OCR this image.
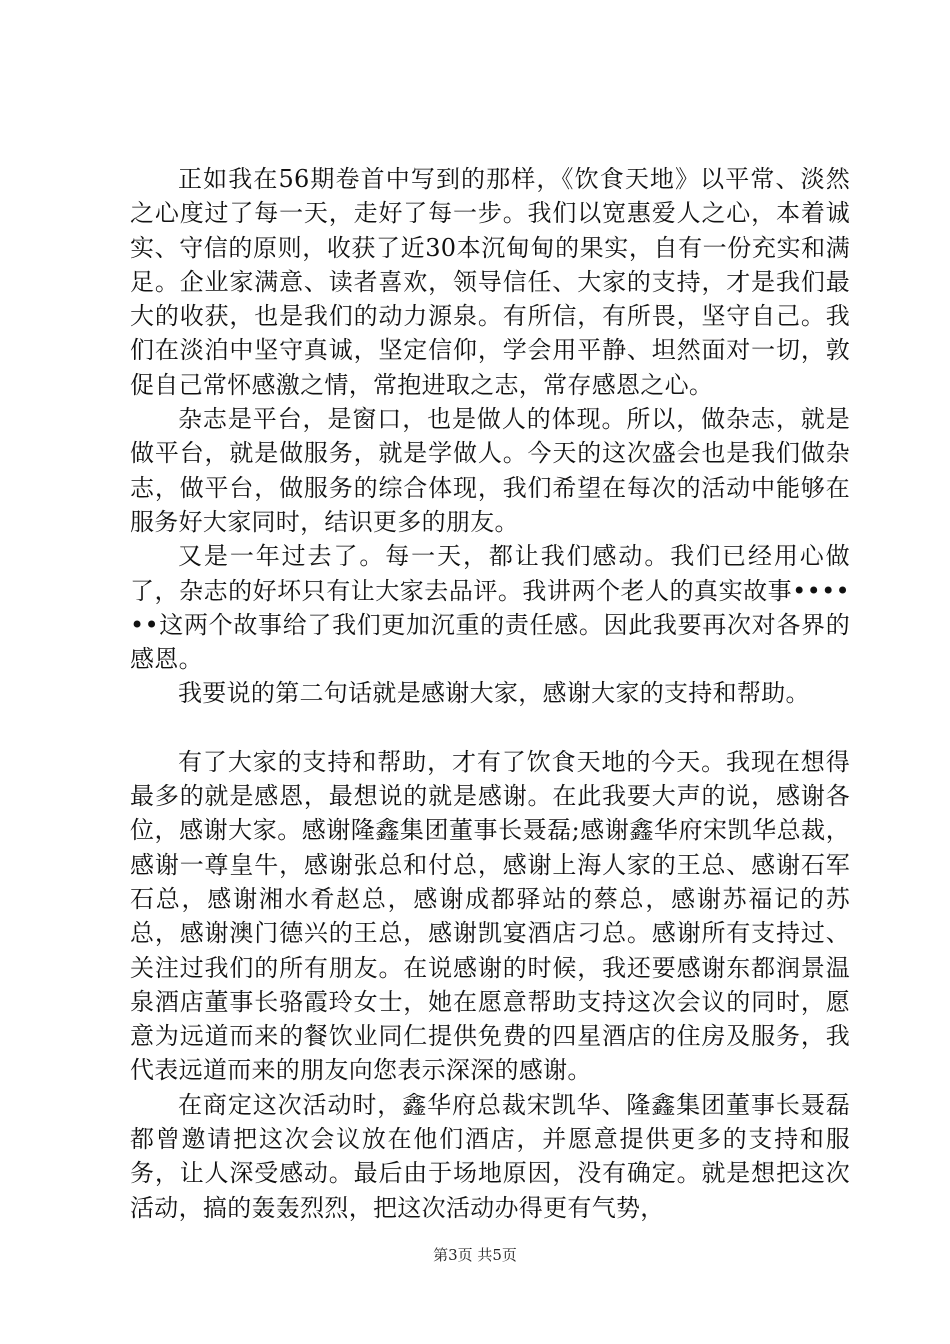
正如我在56期卷首中写到的那样，《饮食天地》以平常、淡然之心度过了每一天，走好了每一步。我们以宽惠爱人之心，本着诚实、守信的原则，收获了近30本沉甸甸的果实，自有一份充实和满足。企业家满意、读者喜欢，领导信任、大家的支持，才是我们最大的收获，也是我们的动力源泉。有所信，有所畏，坚守自己。我们在淡泊中坚守真诚，坚定信仰，学会用平静、坦然面对一切，敦促自己常怀感激之情，常抱进取之志，常存感恩之心。

杂志是平台，是窗口，也是做人的体现。所以，做杂志，就是做平台，就是做服务，就是学做人。今天的这次盛会也是我们做杂志，做平台，做服务的综合体现，我们希望在每次的活动中能够在服务好大家同时，结识更多的朋友。

又是一年过去了。每一天，都让我们感动。我们已经用心做了，杂志的好坏只有让大家去品评。我讲两个老人的真实故事••••••这两个故事给了我们更加沉重的责任感。因此我要再次对各界的感恩。

我要说的第二句话就是感谢大家，感谢大家的支持和帮助。

有了大家的支持和帮助，才有了饮食天地的今天。我现在想得最多的就是感恩，最想说的就是感谢。在此我要大声的说，感谢各位，感谢大家。感谢隆鑫集团董事长聂磊;感谢鑫华府宋凯华总裁，感谢一尊皇牛，感谢张总和付总，感谢上海人家的王总、感谢石军石总，感谢湘水肴赵总，感谢成都驿站的蔡总，感谢苏福记的苏总，感谢澳门德兴的王总，感谢凯宴酒店刁总。感谢所有支持过、关注过我们的所有朋友。在说感谢的时候，我还要感谢东都润景温泉酒店董事长骆霞玲女士，她在愿意帮助支持这次会议的同时，愿意为远道而来的餐饮业同仁提供免费的四星酒店的住房及服务，我代表远道而来的朋友向您表示深深的感谢。

在商定这次活动时，鑫华府总裁宋凯华、隆鑫集团董事长聂磊都曾邀请把这次会议放在他们酒店，并愿意提供更多的支持和服务，让人深受感动。最后由于场地原因，没有确定。就是想把这次活动，搞的轰轰烈烈，把这次活动办得更有气势，

第3页 共5页
